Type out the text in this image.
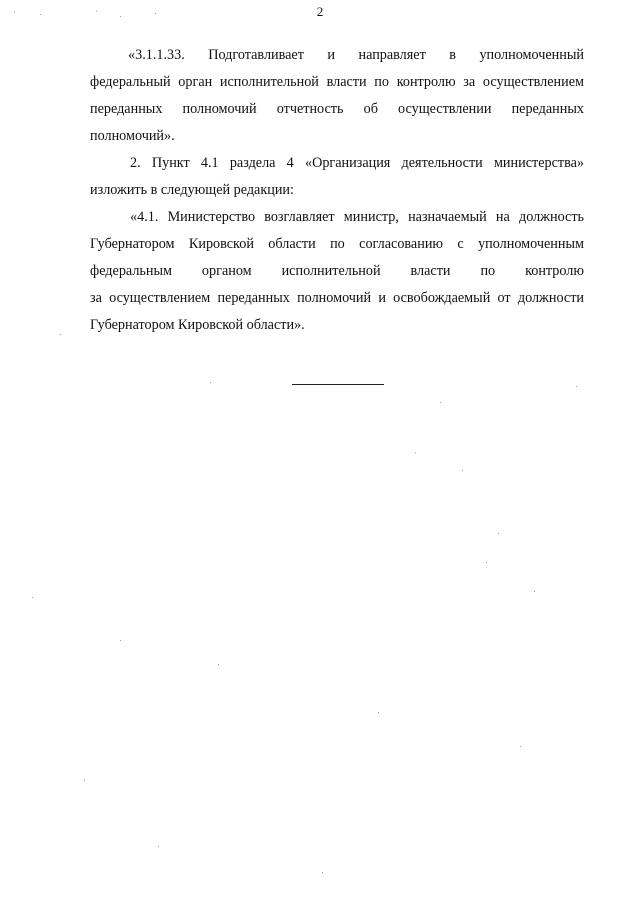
2
«3.1.1.33. Подготавливает и направляет в уполномоченный
федеральный орган исполнительной власти по контролю за осуществлением
переданных полномочий отчетность об осуществлении переданных
полномочий».
2. Пункт 4.1 раздела 4 «Организация деятельности министерства»
изложить в следующей редакции:
«4.1. Министерство возглавляет министр, назначаемый на должность
Губернатором Кировской области по согласованию с уполномоченным
федеральным органом исполнительной власти по контролю
за осуществлением переданных полномочий и освобождаемый от должности
Губернатором Кировской области».
